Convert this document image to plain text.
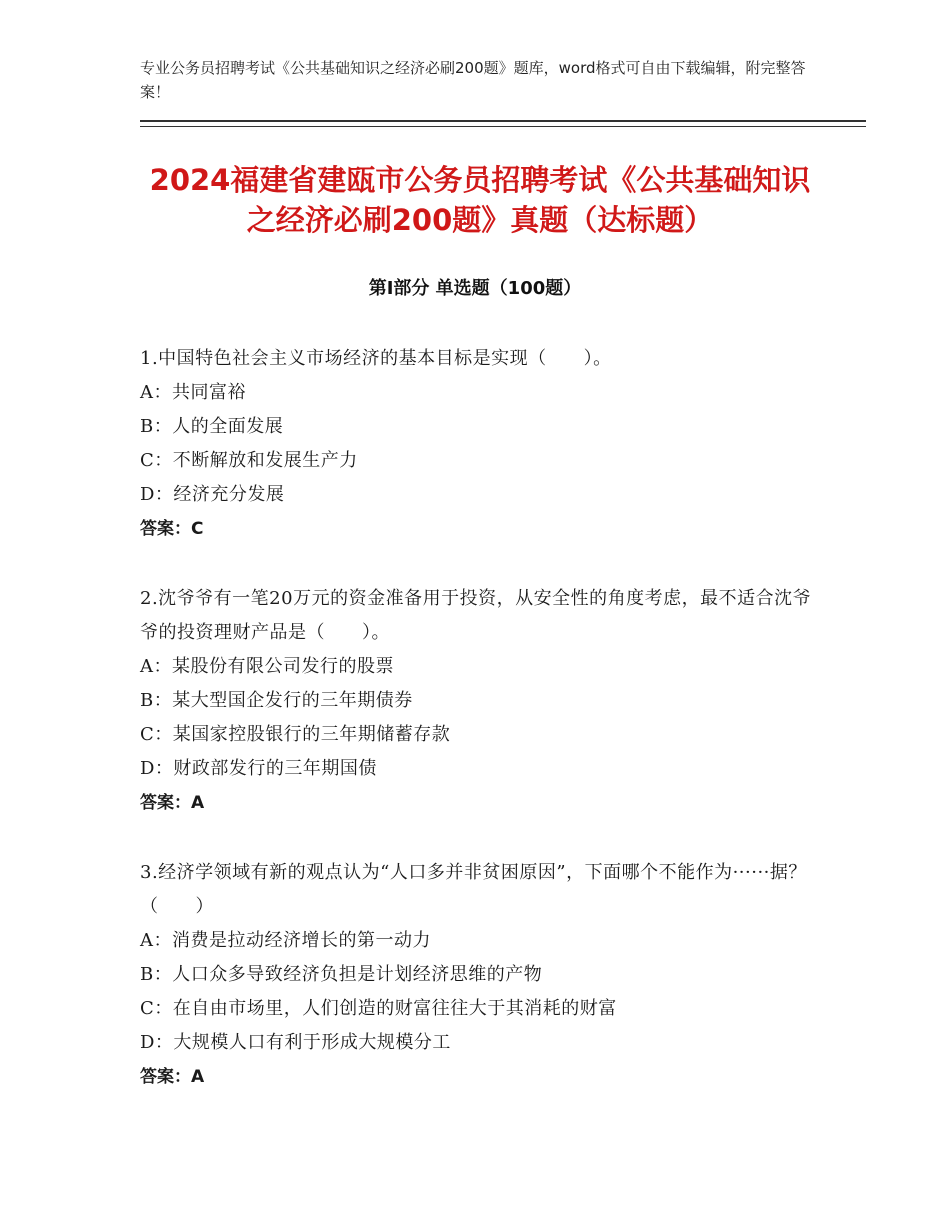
专业公务员招聘考试《公共基础知识之经济必刷200题》题库，word格式可自由下载编辑，附完整答案！
2024福建省建瓯市公务员招聘考试《公共基础知识之经济必刷200题》真题（达标题）
第Ⅰ部分 单选题（100题）
1.中国特色社会主义市场经济的基本目标是实现（　　）。
A：共同富裕
B：人的全面发展
C：不断解放和发展生产力
D：经济充分发展
答案：C
2.沈爷爷有一笔20万元的资金准备用于投资，从安全性的角度考虑，最不适合沈爷爷的投资理财产品是（　　）。
A：某股份有限公司发行的股票
B：某大型国企发行的三年期债券
C：某国家控股银行的三年期储蓄存款
D：财政部发行的三年期国债
答案：A
3.经济学领域有新的观点认为“人口多并非贫困原因”，下面哪个不能作为······据？（　　）
A：消费是拉动经济增长的第一动力
B：人口众多导致经济负担是计划经济思维的产物
C：在自由市场里，人们创造的财富往往大于其消耗的财富
D：大规模人口有利于形成大规模分工
答案：A
